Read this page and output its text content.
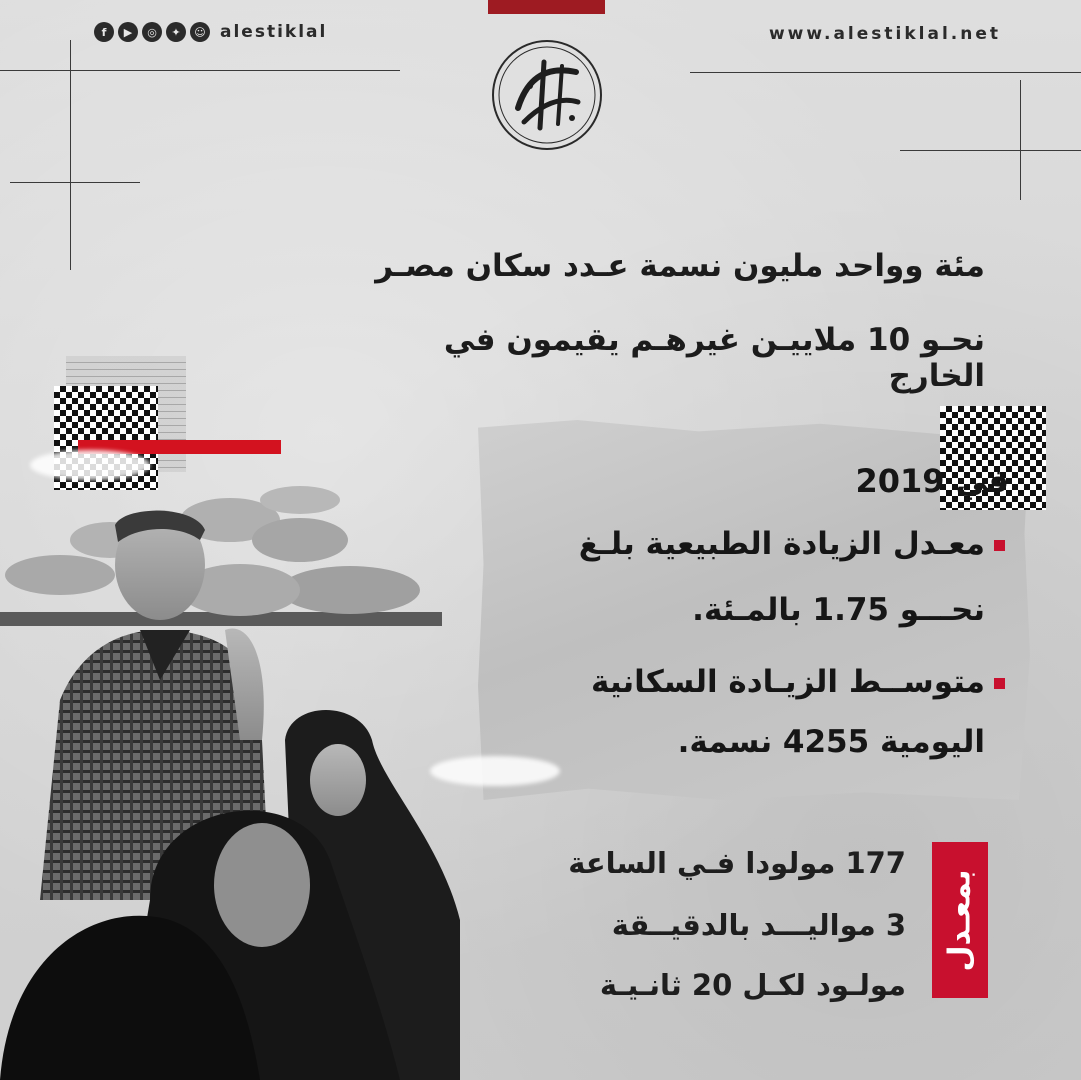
f	▶	◎	✦	☺ alestiklal	www.alestiklal.net
مئة وواحد مليون نسمة عـدد سكان مصـر
نحـو 10 ملاييـن غيرهـم يقيمون في الخارج
في 2019
معـدل الزيادة الطبيعية بلـغ
نحـــو 1.75 بالمـئة.
متوســط الزيـادة السكانية
اليومية 4255 نسمة.
بمعـدل
177 مولودا فـي الساعة
3 مواليـــد بالدقيــقة
مولـود لكـل 20 ثانـيـة
